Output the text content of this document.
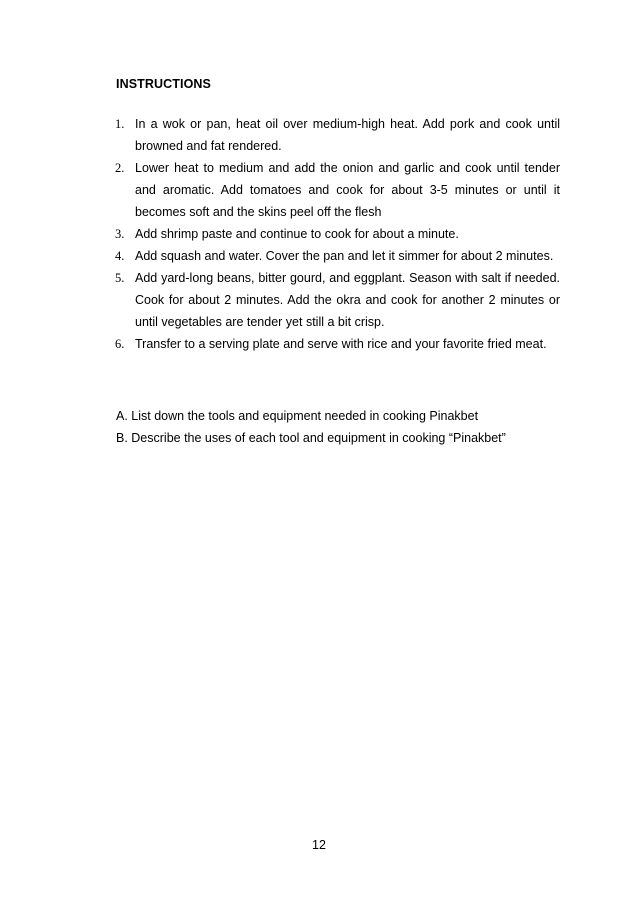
INSTRUCTIONS
1. In a wok or pan, heat oil over medium-high heat. Add pork and cook until browned and fat rendered.
2. Lower heat to medium and add the onion and garlic and cook until tender and aromatic. Add tomatoes and cook for about 3-5 minutes or until it becomes soft and the skins peel off the flesh
3. Add shrimp paste and continue to cook for about a minute.
4. Add squash and water. Cover the pan and let it simmer for about 2 minutes.
5. Add yard-long beans, bitter gourd, and eggplant. Season with salt if needed. Cook for about 2 minutes. Add the okra and cook for another 2 minutes or until vegetables are tender yet still a bit crisp.
6. Transfer to a serving plate and serve with rice and your favorite fried meat.

A. List down the tools and equipment needed in cooking Pinakbet

B. Describe the uses of each tool and equipment in cooking “Pinakbet”

12
